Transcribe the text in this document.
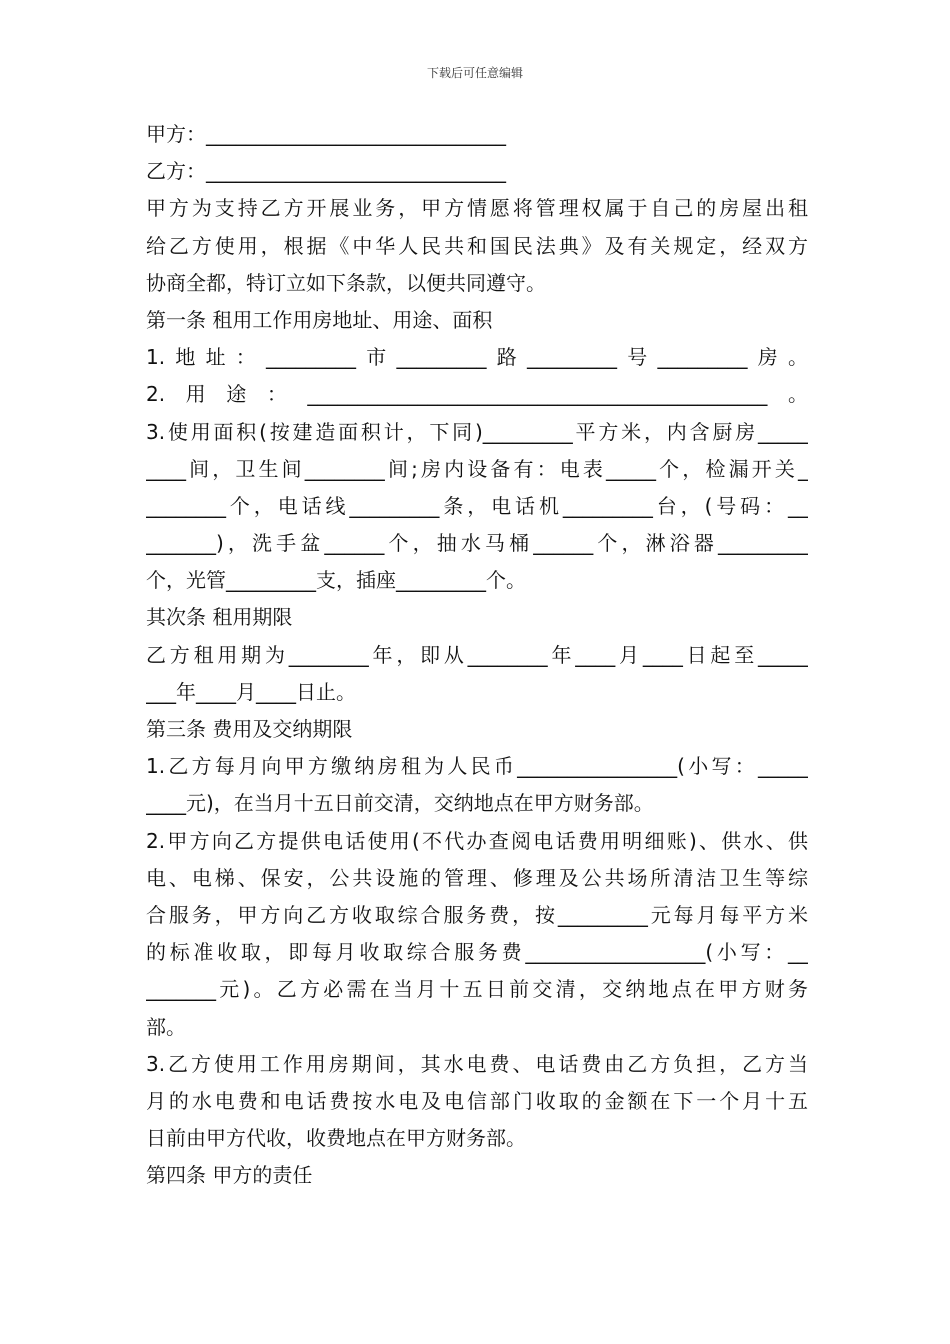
下载后可任意编辑
甲方：______________________________
乙方：______________________________
甲方为支持乙方开展业务，甲方情愿将管理权属于自己的房屋出租
给乙方使用，根据《中华人民共和国民法典》及有关规定，经双方
协商全都，特订立如下条款，以便共同遵守。
第一条 租用工作用房地址、用途、面积
1.地址：_________市_________路_________号_________房。
2.用途：______________________________________________。
3.使用面积(按建造面积计，下同)_________平方米，内含厨房_____
____间，卫生间________间;房内设备有：电表_____个，检漏开关_
________个，电话线_________条，电话机_________台，(号码：__
_______)，洗手盆______个，抽水马桶______个，淋浴器_________
个，光管_________支，插座_________个。
其次条 租用期限
乙方租用期为________年，即从________年____月____日起至_____
___年____月____日止。
第三条 费用及交纳期限
1.乙方每月向甲方缴纳房租为人民币________________(小写：_____
____元)，在当月十五日前交清，交纳地点在甲方财务部。
2.甲方向乙方提供电话使用(不代办查阅电话费用明细账)、供水、供
电、电梯、保安，公共设施的管理、修理及公共场所清洁卫生等综
合服务，甲方向乙方收取综合服务费，按_________元每月每平方米
的标准收取，即每月收取综合服务费__________________(小写：__
_______元)。乙方必需在当月十五日前交清，交纳地点在甲方财务
部。
3.乙方使用工作用房期间，其水电费、电话费由乙方负担，乙方当
月的水电费和电话费按水电及电信部门收取的金额在下一个月十五
日前由甲方代收，收费地点在甲方财务部。
第四条 甲方的责任
